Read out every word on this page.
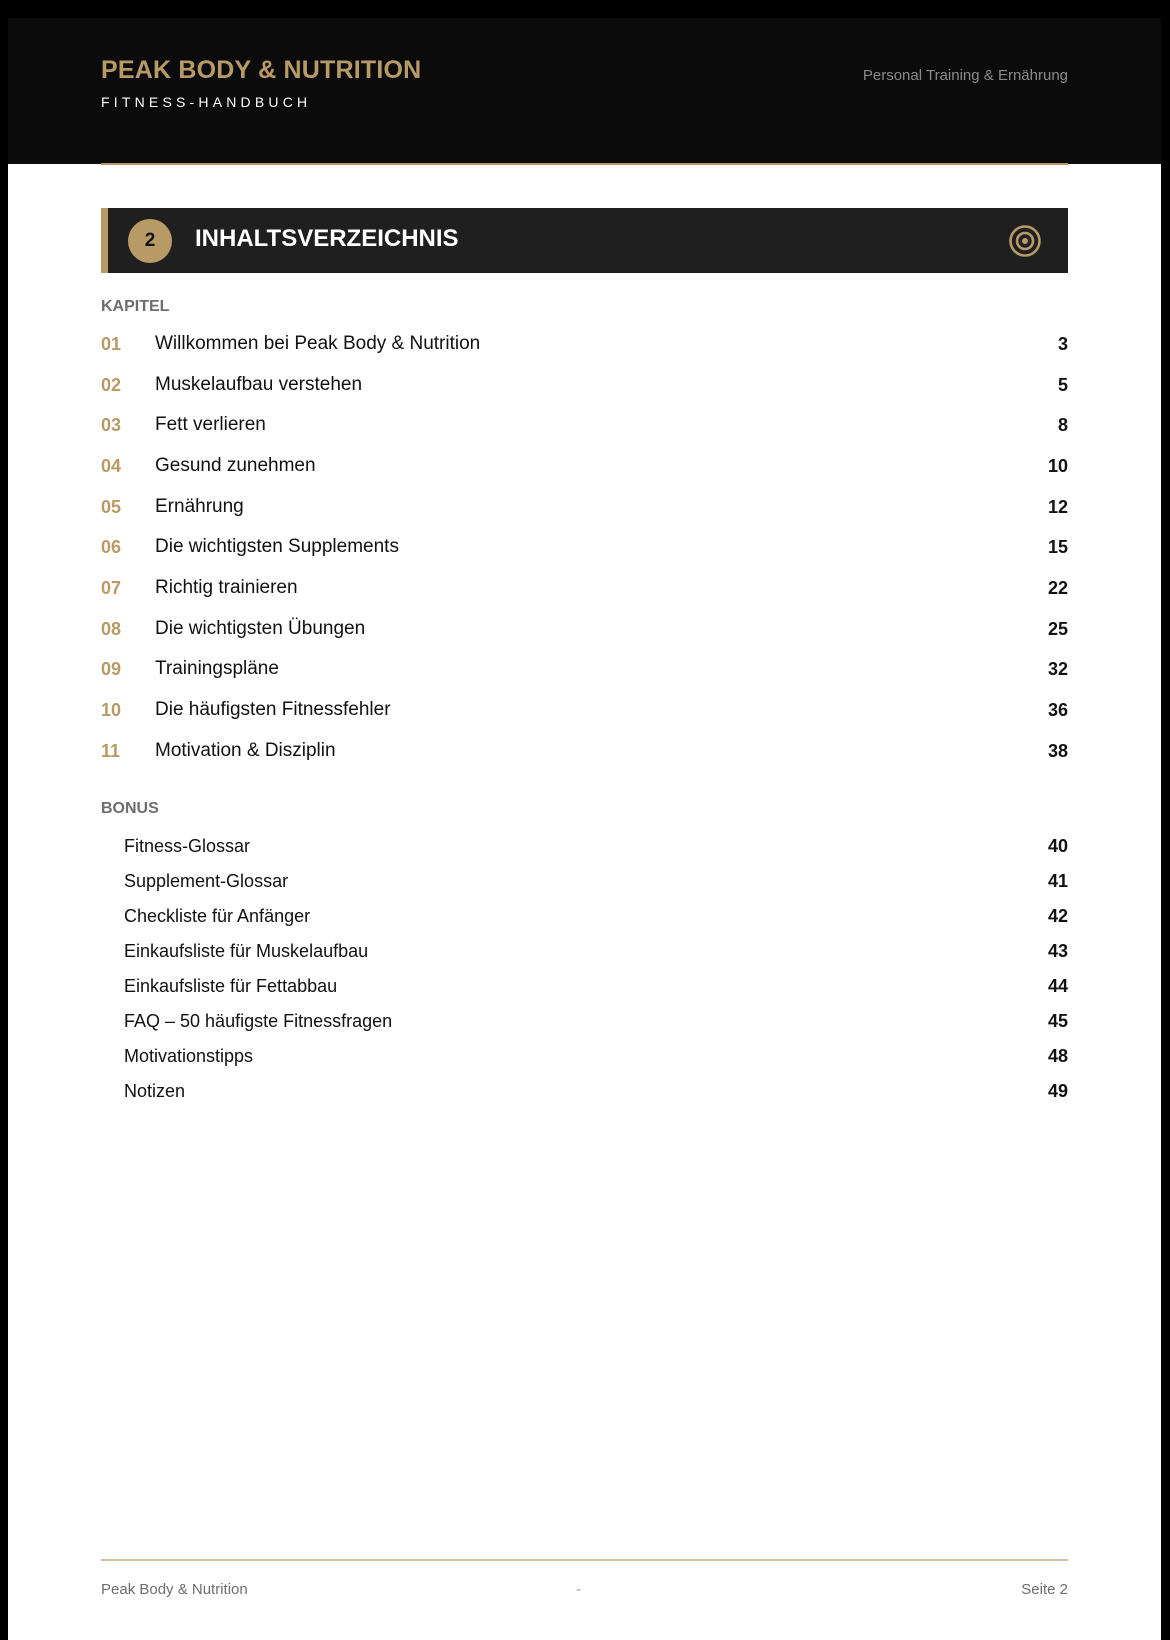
PEAK BODY & NUTRITION
FITNESS-HANDBUCH
Personal Training & Ernährung
2	INHALTSVERZEICHNIS
KAPITEL
01 Willkommen bei Peak Body & Nutrition	3
02 Muskelaufbau verstehen	5
03 Fett verlieren	8
04 Gesund zunehmen	10
05 Ernährung	12
06 Die wichtigsten Supplements	15
07 Richtig trainieren	22
08 Die wichtigsten Übungen	25
09 Trainingspläne	32
10 Die häufigsten Fitnessfehler	36
11 Motivation & Disziplin	38
BONUS
Fitness-Glossar	40
Supplement-Glossar	41
Checkliste für Anfänger	42
Einkaufsliste für Muskelaufbau	43
Einkaufsliste für Fettabbau	44
FAQ – 50 häufigste Fitnessfragen	45
Motivationstipps	48
Notizen	49
Peak Body & Nutrition	-	Seite 2
